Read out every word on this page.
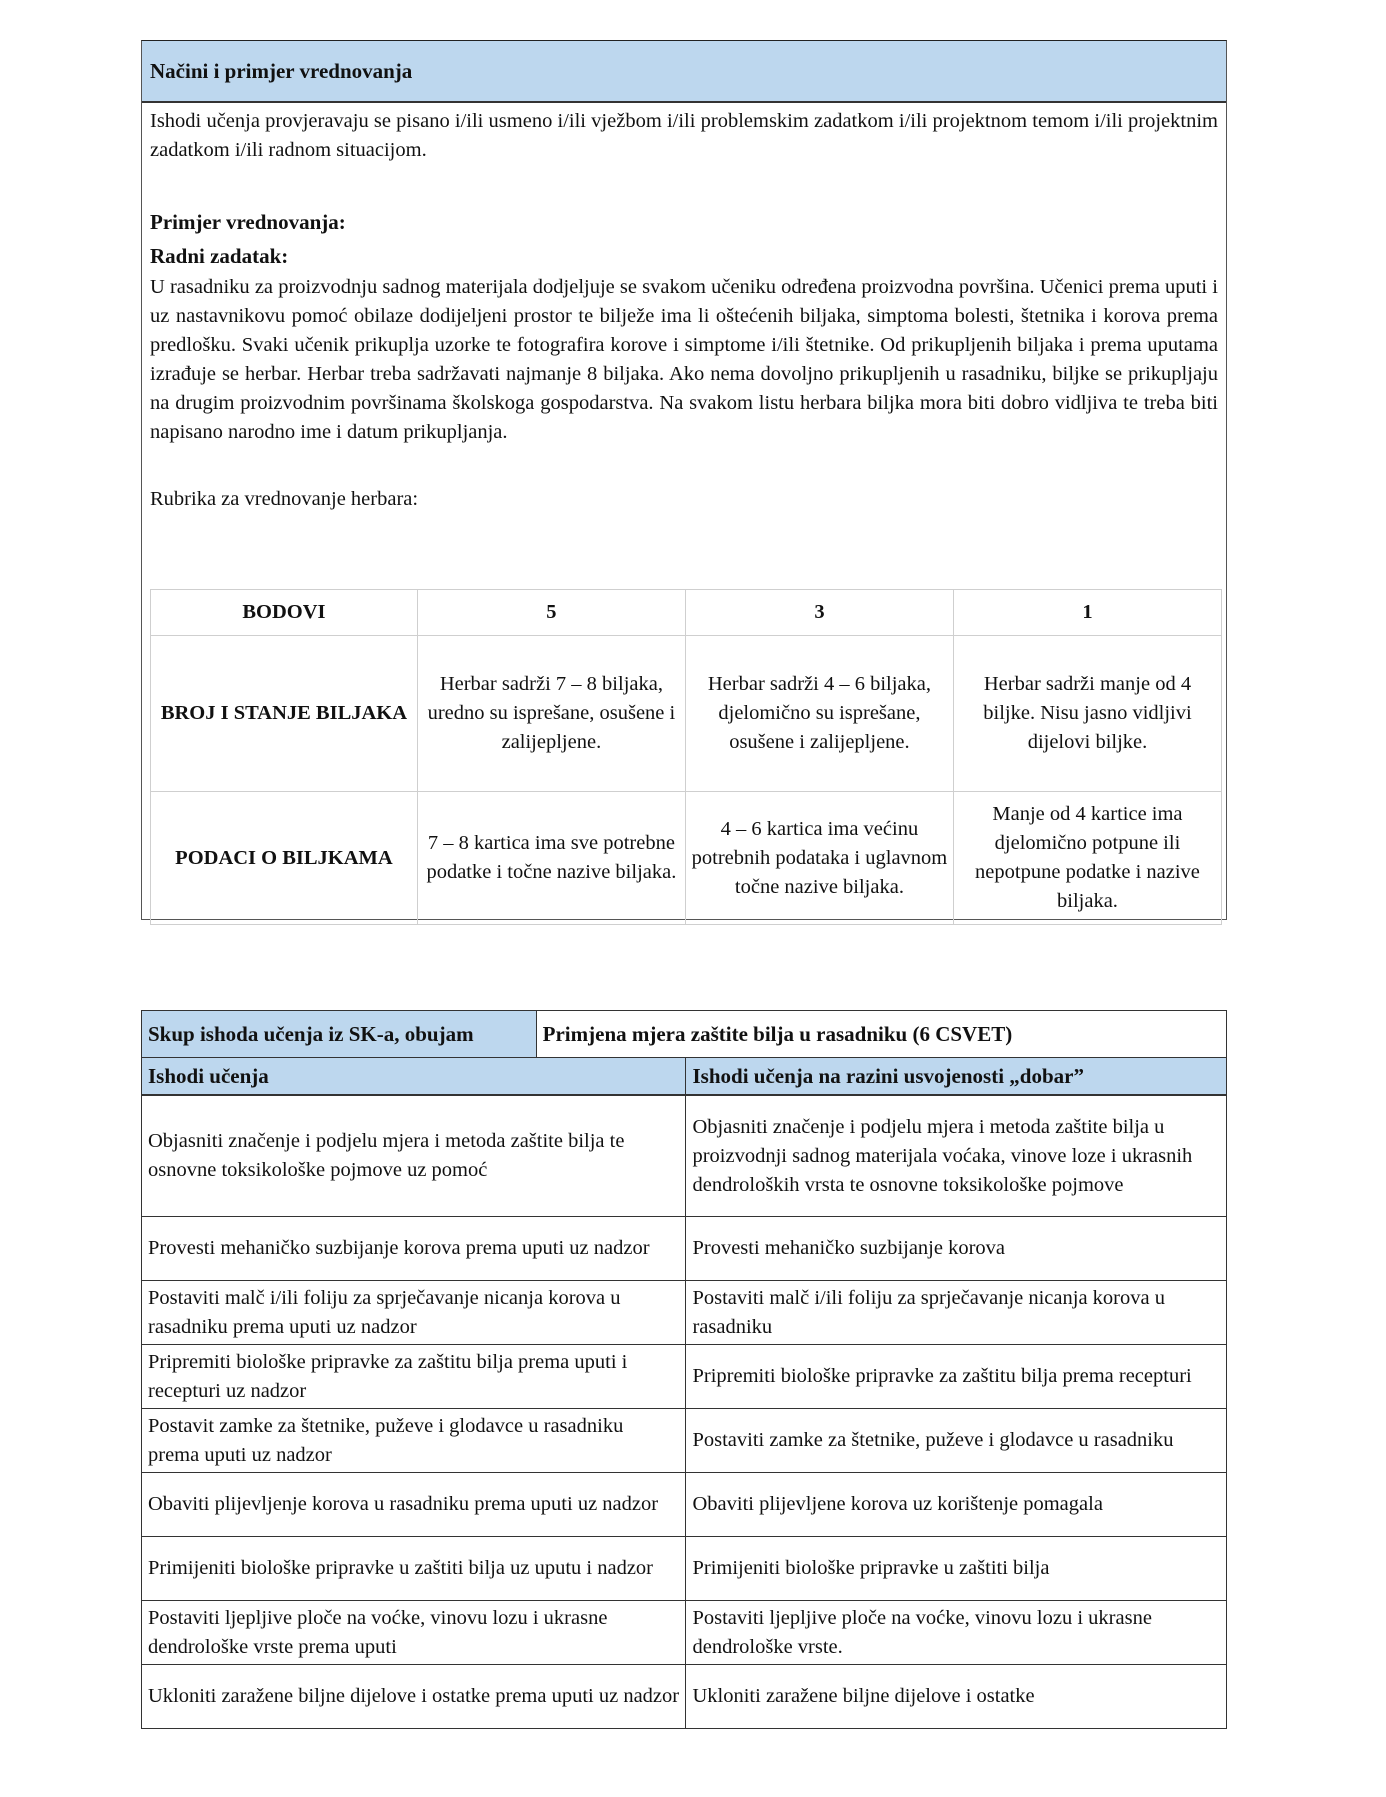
Načini i primjer vrednovanja

Ishodi učenja provjeravaju se pisano i/ili usmeno i/ili vježbom i/ili problemskim zadatkom i/ili projektnom temom i/ili projektnim zadatkom i/ili radnom situacijom.

Primjer vrednovanja:

Radni zadatak:

U rasadniku za proizvodnju sadnog materijala dodjeljuje se svakom učeniku određena proizvodna površina. Učenici prema uputi i uz nastavnikovu pomoć obilaze dodijeljeni prostor te bilježe ima li oštećenih biljaka, simptoma bolesti, štetnika i korova prema predlošku. Svaki učenik prikuplja uzorke te fotografira korove i simptome i/ili štetnike. Od prikupljenih biljaka i prema uputama izrađuje se herbar. Herbar treba sadržavati najmanje 8 biljaka. Ako nema dovoljno prikupljenih u rasadniku, biljke se prikupljaju na drugim proizvodnim površinama školskoga gospodarstva. Na svakom listu herbara biljka mora biti dobro vidljiva te treba biti napisano narodno ime i datum prikupljanja.

Rubrika za vrednovanje herbara:

BODOVI	5	3	1
BROJ I STANJE BILJAKA	Herbar sadrži 7 – 8 biljaka, uredno su isprešane, osušene i zalijepljene.	Herbar sadrži 4 – 6 biljaka, djelomično su isprešane, osušene i zalijepljene.	Herbar sadrži manje od 4 biljke. Nisu jasno vidljivi dijelovi biljke.
PODACI O BILJKAMA	7 – 8 kartica ima sve potrebne podatke i točne nazive biljaka.	4 – 6 kartica ima većinu potrebnih podataka i uglavnom točne nazive biljaka.	Manje od 4 kartice ima djelomično potpune ili nepotpune podatke i nazive biljaka.
Skup ishoda učenja iz SK-a, obujam	Primjena mjera zaštite bilja u rasadniku (6 CSVET)	
Ishodi učenja		Ishodi učenja na razini usvojenosti „dobar”
Objasniti značenje i podjelu mjera i metoda zaštite bilja te osnovne toksikološke pojmove uz pomoć		Objasniti značenje i podjelu mjera i metoda zaštite bilja u proizvodnji sadnog materijala voćaka, vinove loze i ukrasnih dendroloških vrsta te osnovne toksikološke pojmove
Provesti mehaničko suzbijanje korova prema uputi uz nadzor		Provesti mehaničko suzbijanje korova
Postaviti malč i/ili foliju za sprječavanje nicanja korova u rasadniku prema uputi uz nadzor		Postaviti malč i/ili foliju za sprječavanje nicanja korova u rasadniku
Pripremiti biološke pripravke za zaštitu bilja prema uputi i recepturi uz nadzor		Pripremiti biološke pripravke za zaštitu bilja prema recepturi
Postavit zamke za štetnike, puževe i glodavce u rasadniku prema uputi uz nadzor		Postaviti zamke za štetnike, puževe i glodavce u rasadniku
Obaviti plijevljenje korova u rasadniku prema uputi uz nadzor		Obaviti plijevljene korova uz korištenje pomagala
Primijeniti biološke pripravke u zaštiti bilja uz uputu i nadzor		Primijeniti biološke pripravke u zaštiti bilja
Postaviti ljepljive ploče na voćke, vinovu lozu i ukrasne dendrološke vrste prema uputi		Postaviti ljepljive ploče na voćke, vinovu lozu i ukrasne dendrološke vrste.
Ukloniti zaražene biljne dijelove i ostatke prema uputi uz nadzor		Ukloniti zaražene biljne dijelove i ostatke
